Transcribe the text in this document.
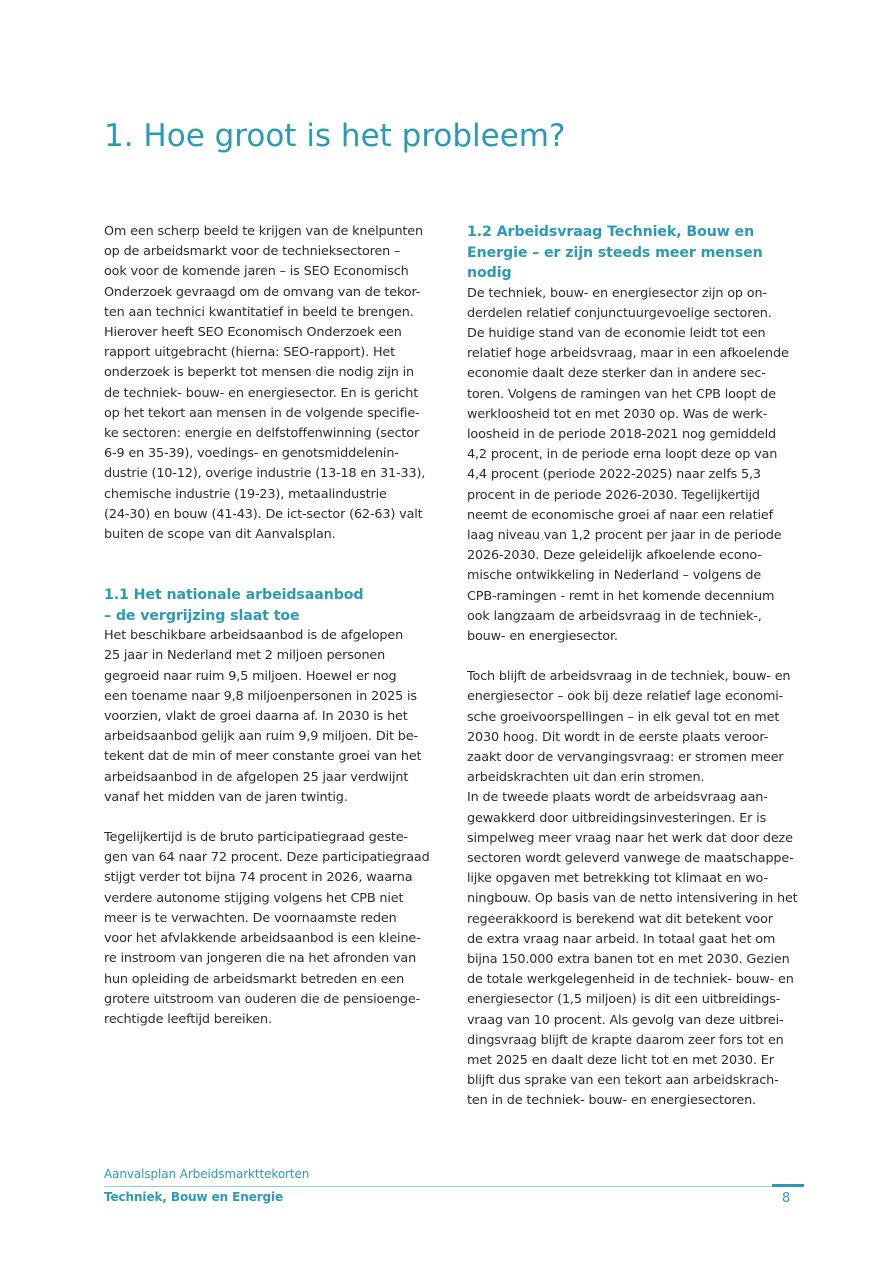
1. Hoe groot is het probleem?

Om een scherp beeld te krijgen van de knelpunten
op de arbeidsmarkt voor de technieksectoren –
ook voor de komende jaren – is SEO Economisch
Onderzoek gevraagd om de omvang van de tekor-
ten aan technici kwantitatief in beeld te brengen.
Hierover heeft SEO Economisch Onderzoek een
rapport uitgebracht (hierna: SEO-rapport). Het
onderzoek is beperkt tot mensen die nodig zijn in
de techniek- bouw- en energiesector. En is gericht
op het tekort aan mensen in de volgende specifie-
ke sectoren: energie en delfstoffenwinning (sector
6-9 en 35-39), voedings- en genotsmiddelenin-
dustrie (10-12), overige industrie (13-18 en 31-33),
chemische industrie (19-23), metaalindustrie
(24-30) en bouw (41-43). De ict-sector (62-63) valt
buiten de scope van dit Aanvalsplan.

1.1 Het nationale arbeidsaanbod
– de vergrijzing slaat toe

Het beschikbare arbeidsaanbod is de afgelopen
25 jaar in Nederland met 2 miljoen personen
gegroeid naar ruim 9,5 miljoen. Hoewel er nog
een toename naar 9,8 miljoenpersonen in 2025 is
voorzien, vlakt de groei daarna af. In 2030 is het
arbeidsaanbod gelijk aan ruim 9,9 miljoen. Dit be-
tekent dat de min of meer constante groei van het
arbeidsaanbod in de afgelopen 25 jaar verdwijnt
vanaf het midden van de jaren twintig.

Tegelijkertijd is de bruto participatiegraad geste-
gen van 64 naar 72 procent. Deze participatiegraad
stijgt verder tot bijna 74 procent in 2026, waarna
verdere autonome stijging volgens het CPB niet
meer is te verwachten. De voornaamste reden
voor het afvlakkende arbeidsaanbod is een kleine-
re instroom van jongeren die na het afronden van
hun opleiding de arbeidsmarkt betreden en een
grotere uitstroom van ouderen die de pensioenge-
rechtigde leeftijd bereiken.

1.2 Arbeidsvraag Techniek, Bouw en
Energie – er zijn steeds meer mensen
nodig

De techniek, bouw- en energiesector zijn op on-
derdelen relatief conjunctuurgevoelige sectoren.
De huidige stand van de economie leidt tot een
relatief hoge arbeidsvraag, maar in een afkoelende
economie daalt deze sterker dan in andere sec-
toren. Volgens de ramingen van het CPB loopt de
werkloosheid tot en met 2030 op. Was de werk-
loosheid in de periode 2018-2021 nog gemiddeld
4,2 procent, in de periode erna loopt deze op van
4,4 procent (periode 2022-2025) naar zelfs 5,3
procent in de periode 2026-2030. Tegelijkertijd
neemt de economische groei af naar een relatief
laag niveau van 1,2 procent per jaar in de periode
2026-2030. Deze geleidelijk afkoelende econo-
mische ontwikkeling in Nederland – volgens de
CPB-ramingen - remt in het komende decennium
ook langzaam de arbeidsvraag in de techniek-,
bouw- en energiesector.

Toch blijft de arbeidsvraag in de techniek, bouw- en
energiesector – ook bij deze relatief lage economi-
sche groeivoorspellingen – in elk geval tot en met
2030 hoog. Dit wordt in de eerste plaats veroor-
zaakt door de vervangingsvraag: er stromen meer
arbeidskrachten uit dan erin stromen.
In de tweede plaats wordt de arbeidsvraag aan-
gewakkerd door uitbreidingsinvesteringen. Er is
simpelweg meer vraag naar het werk dat door deze
sectoren wordt geleverd vanwege de maatschappe-
lijke opgaven met betrekking tot klimaat en wo-
ningbouw. Op basis van de netto intensivering in het
regeerakkoord is berekend wat dit betekent voor
de extra vraag naar arbeid. In totaal gaat het om
bijna 150.000 extra banen tot en met 2030. Gezien
de totale werkgelegenheid in de techniek- bouw- en
energiesector (1,5 miljoen) is dit een uitbreidings-
vraag van 10 procent. Als gevolg van deze uitbrei-
dingsvraag blijft de krapte daarom zeer fors tot en
met 2025 en daalt deze licht tot en met 2030. Er
blijft dus sprake van een tekort aan arbeidskrach-
ten in de techniek- bouw- en energiesectoren.

Aanvalsplan Arbeidsmarkttekorten
Techniek, Bouw en Energie	8
